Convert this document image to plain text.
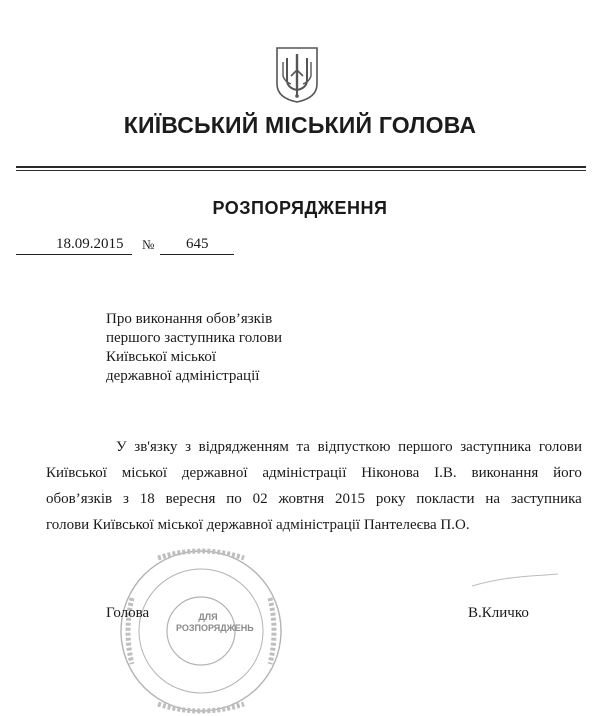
КИЇВСЬКИЙ МІСЬКИЙ ГОЛОВА
РОЗПОРЯДЖЕННЯ
18.09.2015 № 645
Про виконання обов’язків
першого заступника голови
Київської міської
державної адміністрації
У зв'язку з відрядженням та відпусткою першого заступника голови
Київської міської державної адміністрації Ніконова І.В. виконання його
обов’язків з 18 вересня по 02 жовтня 2015 року покласти на заступника
голови Київської міської державної адміністрації Пантелеєва П.О.
ДЛЯ
РОЗПОРЯДЖЕНЬ
Голова	В.Кличко
